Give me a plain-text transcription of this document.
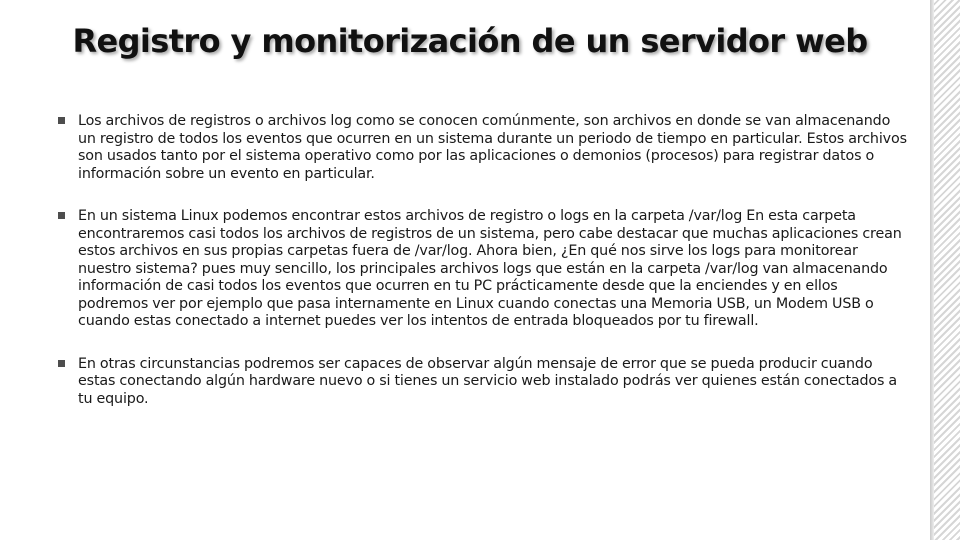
Registro y monitorización de un servidor web
Los archivos de registros o archivos log como se conocen comúnmente, son archivos en donde se van almacenando un registro de todos los eventos que ocurren en un sistema durante un periodo de tiempo en particular. Estos archivos son usados tanto por el sistema operativo como por las aplicaciones o demonios (procesos) para registrar datos o información sobre un evento en particular.
En un sistema Linux podemos encontrar estos archivos de registro o logs en la carpeta /var/log En esta carpeta encontraremos casi todos los archivos de registros de un sistema, pero cabe destacar que muchas aplicaciones crean estos archivos en sus propias carpetas fuera de /var/log. Ahora bien, ¿En qué nos sirve los logs para monitorear nuestro sistema? pues muy sencillo, los principales archivos logs que están en la carpeta /var/log van almacenando información de casi todos los eventos que ocurren en tu PC prácticamente desde que la enciendes y en ellos podremos ver por ejemplo que pasa internamente en Linux cuando conectas una Memoria USB, un Modem USB o cuando estas conectado a internet puedes ver los intentos de entrada bloqueados por tu firewall.
En otras circunstancias podremos ser capaces de observar algún mensaje de error que se pueda producir cuando estas conectando algún hardware nuevo o si tienes un servicio web instalado podrás ver quienes están conectados a tu equipo.
